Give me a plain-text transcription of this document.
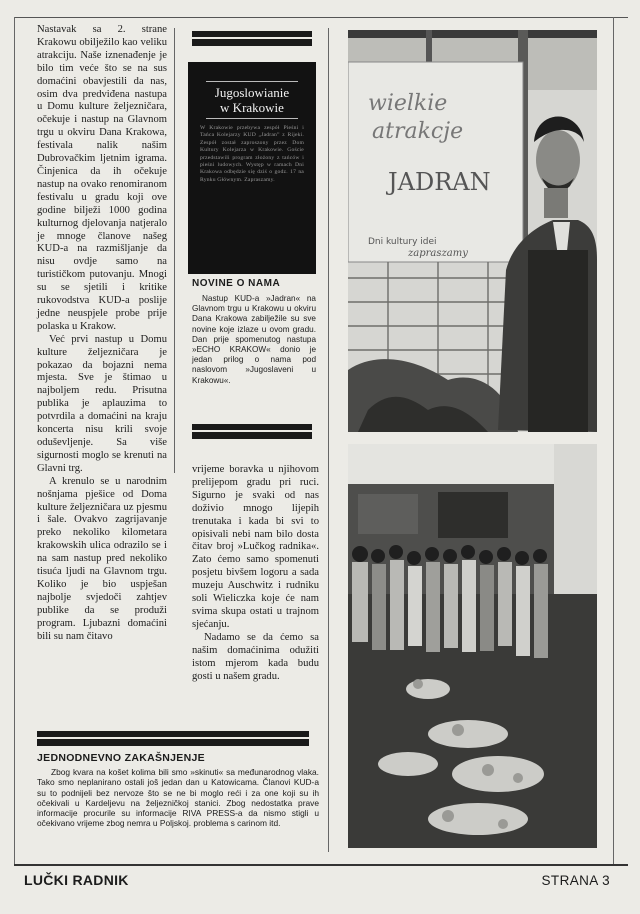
Nastavak sa 2. strane Krakowu obilježilo kao veliku atrakciju. Naše iznenađenje je bilo tim veće što se na sus domaćini obavjestili da nas, osim dva predviđena nastupa u Domu kulture željezničara, očekuje i nastup na Glavnom trgu u okviru Dana Krakowa, festivala nalik našim Dubrovačkim ljetnim igrama. Činjenica da ih očekuje nastup na ovako renomiranom festivalu u gradu koji ove godine bilježi 1000 godina kulturnog djelovanja natjeralo je mnoge članove našeg KUD-a na razmišljanje da nisu ovdje samo na turističkom putovanju. Mnogi su se sjetili i kritike rukovodstva KUD-a poslije jedne neuspjele probe prije polaska u Krakow.

Već prvi nastup u Domu kulture željezničara je pokazao da bojazni nema mjesta. Sve je štimao u najboljem redu. Prisutna publika je aplauzima to potvrdila a domaćini na kraju koncerta nisu krili svoje oduševljenje. Sa više sigurnosti moglo se krenuti na Glavni trg.

A krenulo se u narodnim nošnjama pješice od Doma kulture željezničara uz pjesmu i šale. Ovakvo zagrijavanje preko nekoliko kilometara krakowskih ulica odrazilo se i na sam nastup pred nekoliko tisuća ljudi na Glavnom trgu. Koliko je bio uspješan najbolje svjedoči zahtjev publike da se produži program. Ljubazni domaćini bili su nam čitavo

Jugoslowianie
w Krakowie
W Krakowie przebywa zespół Pieśni i Tańca Kolejarzy KUD „Jadran” z Rijeki. Zespół został zaproszony przez Dom Kultury Kolejarza w Krakowie. Goście przedstawili program złożony z tańców i pieśni ludowych. Występ w ramach Dni Krakowa odbędzie się dziś o godz. 17 na Rynku Głównym. Zapraszamy.
NOVINE O NAMA

Nastup KUD-a »Jadran« na Glavnom trgu u Krakowu u okviru Dana Krakowa zabilježile su sve novine koje izlaze u ovom gradu. Dan prije spomenutog nastupa »ECHO KRAKOW« donio je jedan prilog o nama pod naslovom »Jugoslaveni u Krakowu«.

vrijeme boravka u njihovom prelijepom gradu pri ruci. Sigurno je svaki od nas doživio mnogo lijepih trenutaka i kada bi svi to opisivali nebi nam bilo dosta čitav broj »Lučkog radnika«. Zato ćemo samo spomenuti posjetu bivšem logoru a sada muzeju Auschwitz i rudniku soli Wieliczka koje će nam svima skupa ostati u trajnom sjećanju.

Nadamo se da ćemo sa našim domaćinima odužiti istom mjerom kada budu gosti u našem gradu.

wielkie
atrakcje
JADRAN
Dni kultury idei
zapraszamy
JEDNODNEVNO ZAKAŠNJENJE

Zbog kvara na košet kolima bili smo »skinuti« sa međunarodnog vlaka. Tako smo neplanirano ostali još jedan dan u Katowicama. Članovi KUD-a su to podnijeli bez nervoze što se ne bi moglo reći i za one koji su ih očekivali u Kardeljevu na željezničkoj stanici. Zbog nedostatka prave informacije procurile su informacije RIVA PRESS-a da nismo stigli u očekivano vrijeme zbog nemra u Poljskoj. problema s carinom itd.

LUČKI RADNIK	STRANA 3
